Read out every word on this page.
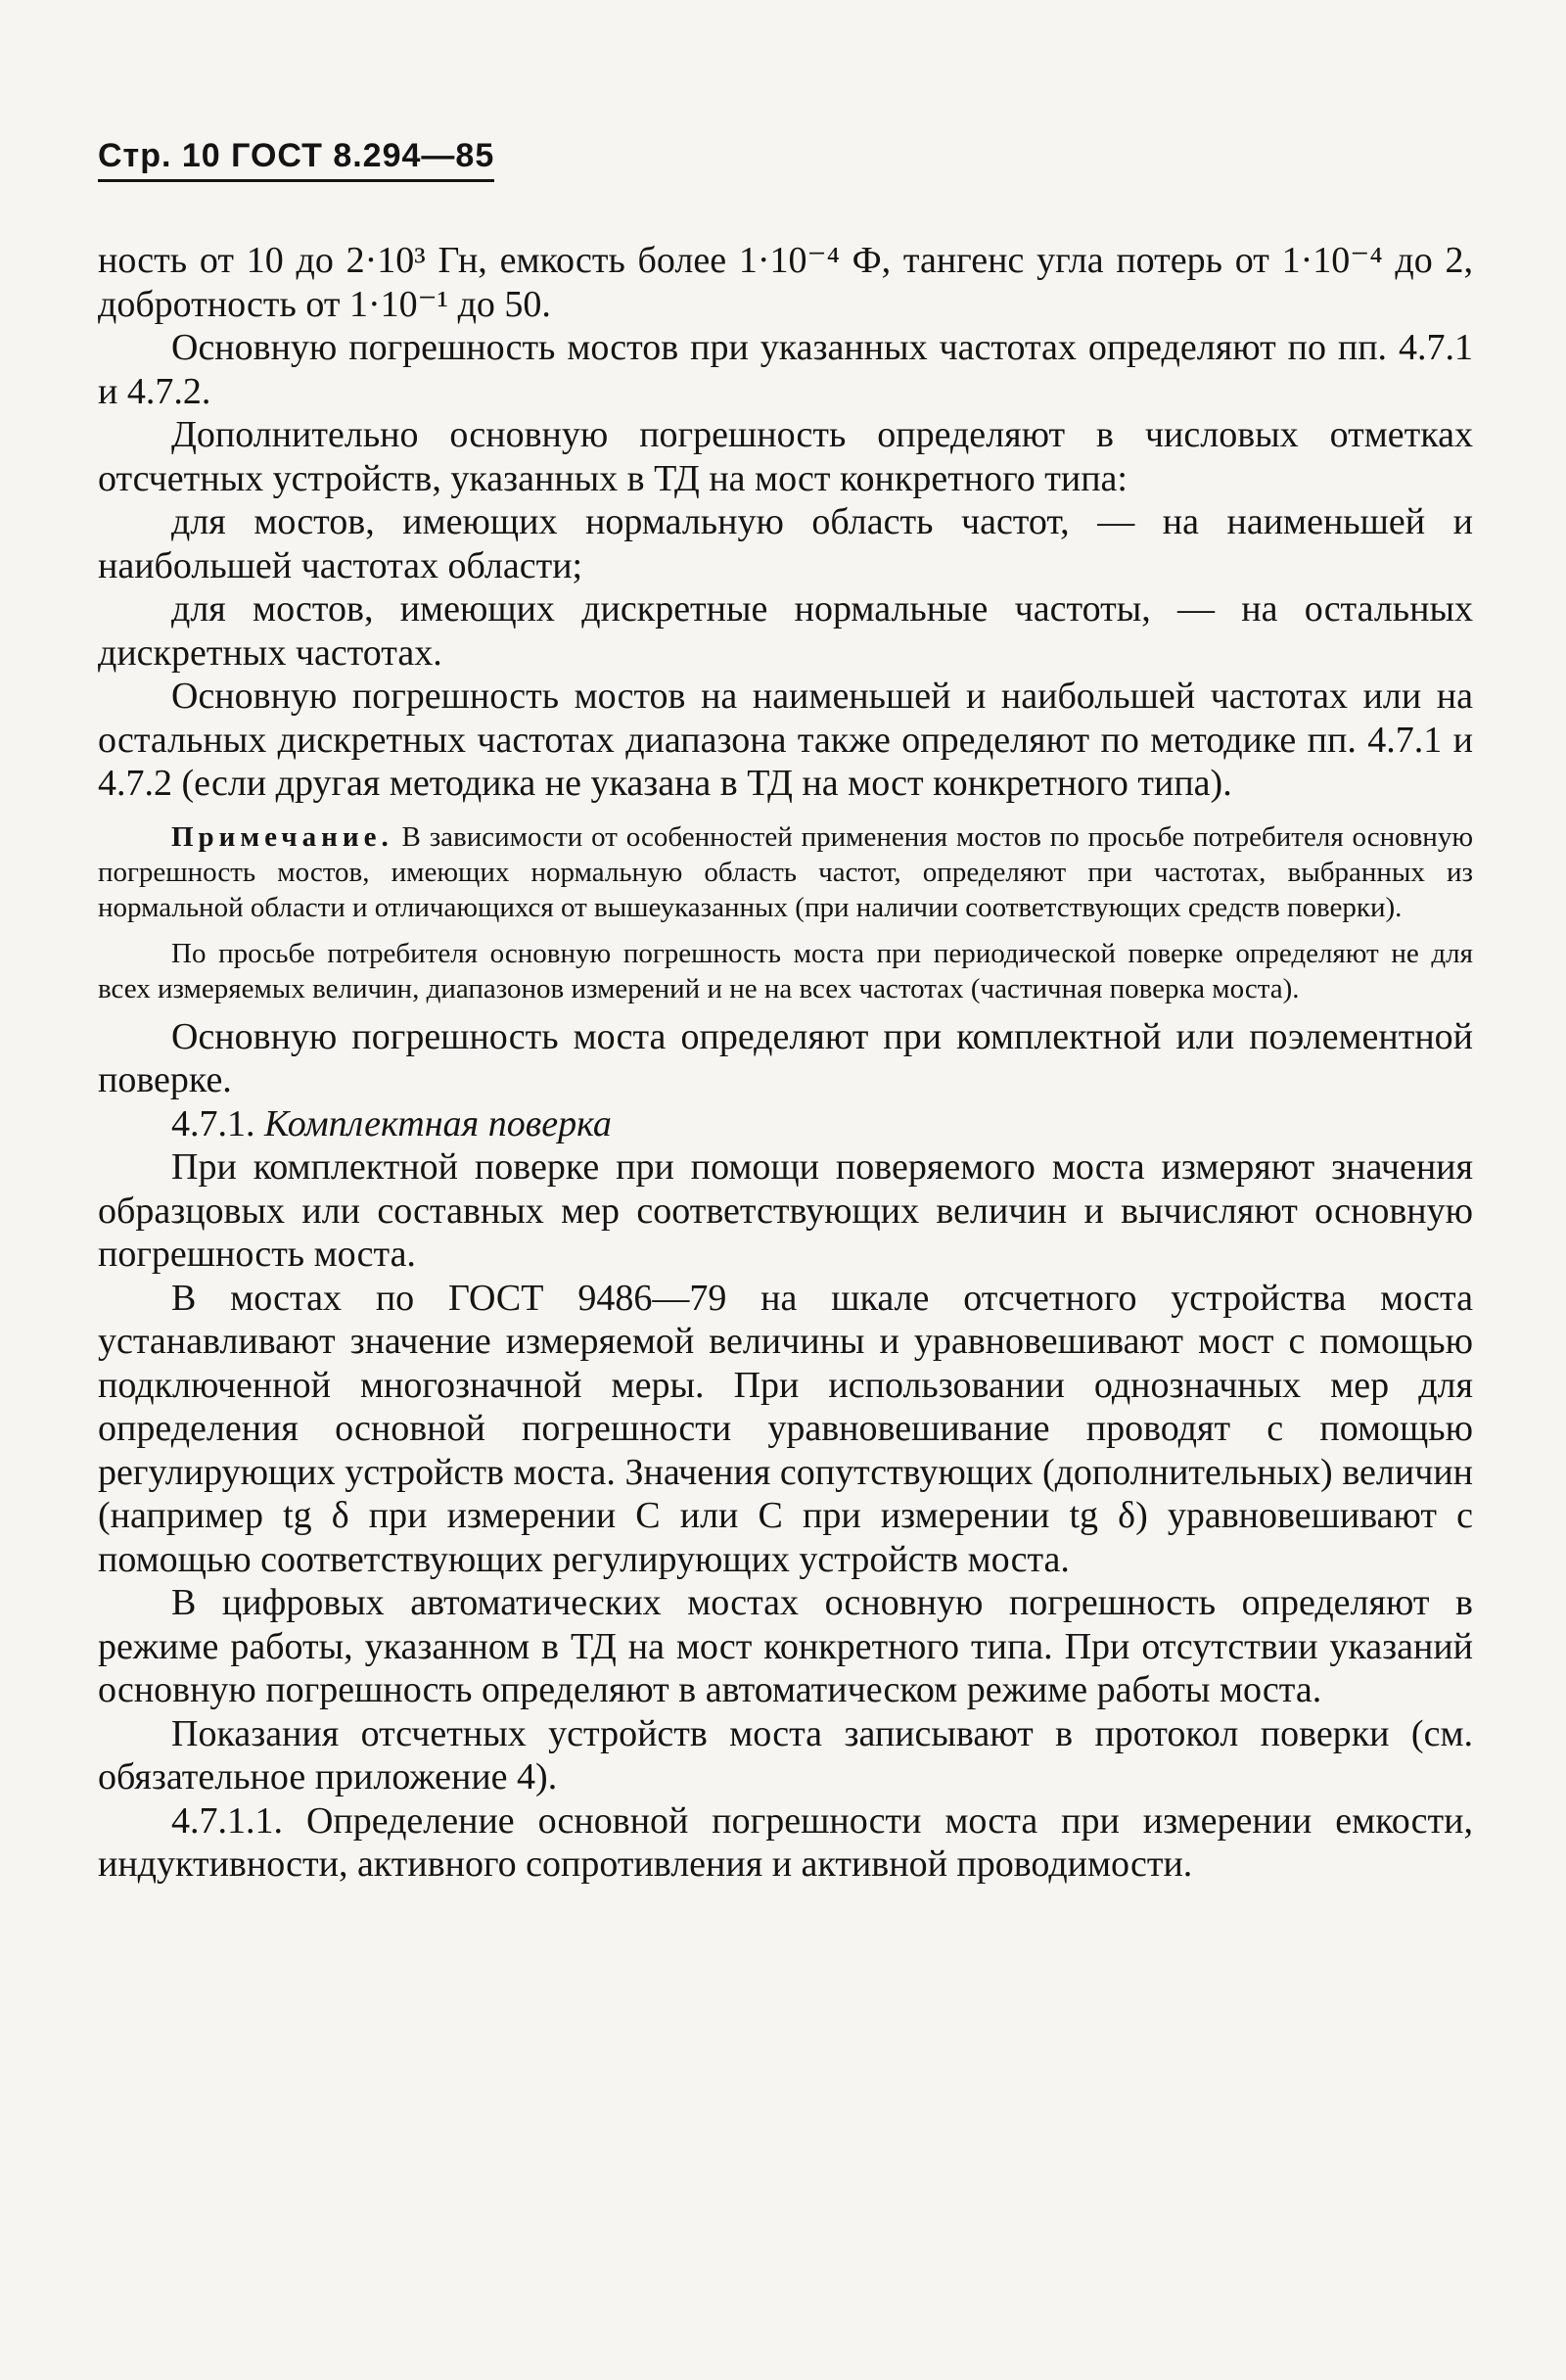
Стр. 10 ГОСТ 8.294—85

ность от 10 до 2·10³ Гн, емкость более 1·10⁻⁴ Ф, тангенс угла потерь от 1·10⁻⁴ до 2, добротность от 1·10⁻¹ до 50.

Основную погрешность мостов при указанных частотах определяют по пп. 4.7.1 и 4.7.2.

Дополнительно основную погрешность определяют в числовых отметках отсчетных устройств, указанных в ТД на мост конкретного типа:

для мостов, имеющих нормальную область частот, — на наименьшей и наибольшей частотах области;

для мостов, имеющих дискретные нормальные частоты, — на остальных дискретных частотах.

Основную погрешность мостов на наименьшей и наибольшей частотах или на остальных дискретных частотах диапазона также определяют по методике пп. 4.7.1 и 4.7.2 (если другая методика не указана в ТД на мост конкретного типа).

Примечание. В зависимости от особенностей применения мостов по просьбе потребителя основную погрешность мостов, имеющих нормальную область частот, определяют при частотах, выбранных из нормальной области и отличающихся от вышеуказанных (при наличии соответствующих средств поверки).

По просьбе потребителя основную погрешность моста при периодической поверке определяют не для всех измеряемых величин, диапазонов измерений и не на всех частотах (частичная поверка моста).

Основную погрешность моста определяют при комплектной или поэлементной поверке.

4.7.1. Комплектная поверка

При комплектной поверке при помощи поверяемого моста измеряют значения образцовых или составных мер соответствующих величин и вычисляют основную погрешность моста.

В мостах по ГОСТ 9486—79 на шкале отсчетного устройства моста устанавливают значение измеряемой величины и уравновешивают мост с помощью подключенной многозначной меры. При использовании однозначных мер для определения основной погрешности уравновешивание проводят с помощью регулирующих устройств моста. Значения сопутствующих (дополнительных) величин (например tg δ при измерении C или C при измерении tg δ) уравновешивают с помощью соответствующих регулирующих устройств моста.

В цифровых автоматических мостах основную погрешность определяют в режиме работы, указанном в ТД на мост конкретного типа. При отсутствии указаний основную погрешность определяют в автоматическом режиме работы моста.

Показания отсчетных устройств моста записывают в протокол поверки (см. обязательное приложение 4).

4.7.1.1. Определение основной погрешности моста при измерении емкости, индуктивности, активного сопротивления и активной проводимости.
